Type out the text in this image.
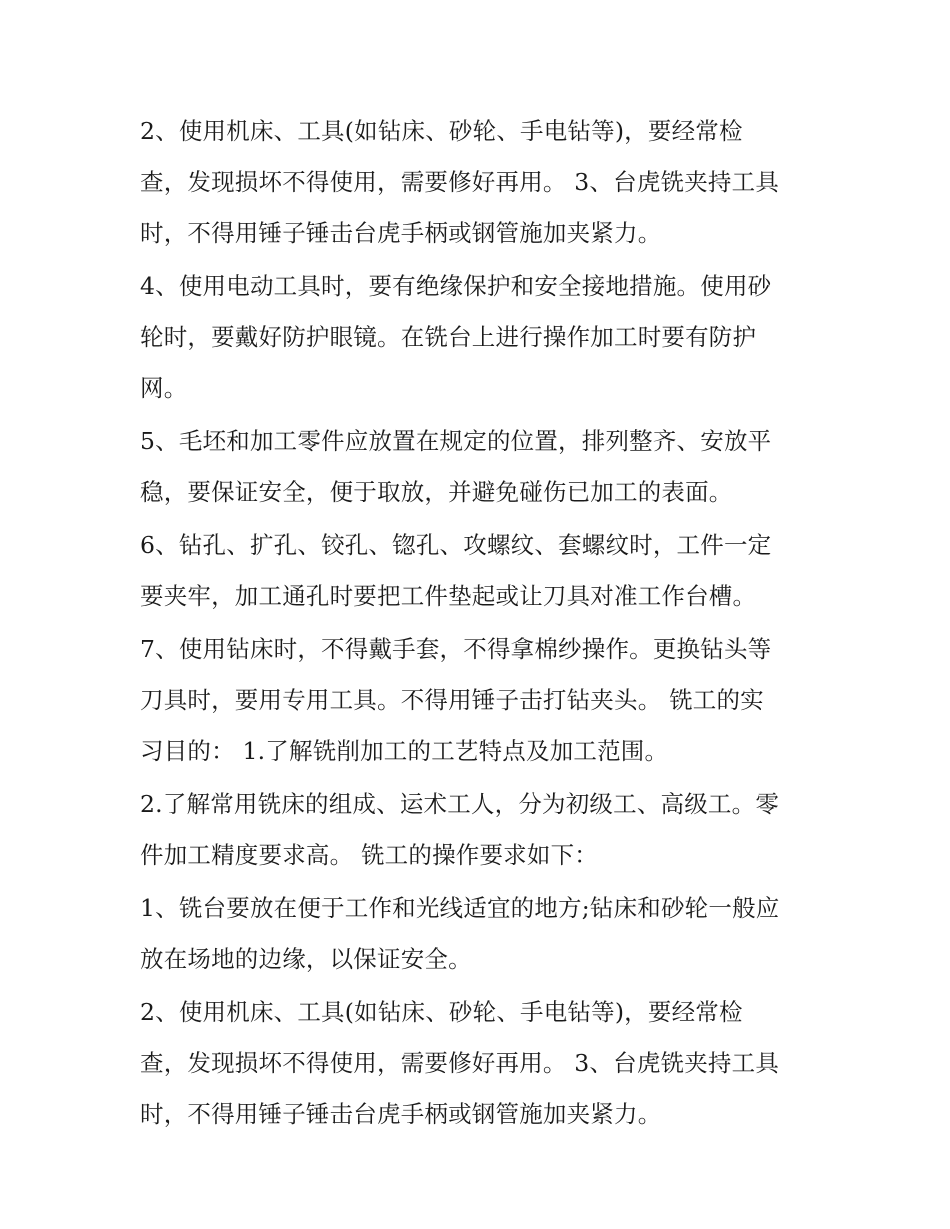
2、使用机床、工具(如钻床、砂轮、手电钻等)，要经常检
查，发现损坏不得使用，需要修好再用。 3、台虎铣夹持工具
时，不得用锤子锤击台虎手柄或钢管施加夹紧力。
4、使用电动工具时，要有绝缘保护和安全接地措施。使用砂
轮时，要戴好防护眼镜。在铣台上进行操作加工时要有防护
网。
5、毛坯和加工零件应放置在规定的位置，排列整齐、安放平
稳，要保证安全，便于取放，并避免碰伤已加工的表面。
6、钻孔、扩孔、铰孔、锪孔、攻螺纹、套螺纹时，工件一定
要夹牢，加工通孔时要把工件垫起或让刀具对准工作台槽。
7、使用钻床时，不得戴手套，不得拿棉纱操作。更换钻头等
刀具时，要用专用工具。不得用锤子击打钻夹头。 铣工的实
习目的： 1.了解铣削加工的工艺特点及加工范围。
2.了解常用铣床的组成、运术工人，分为初级工、高级工。零
件加工精度要求高。 铣工的操作要求如下：
1、铣台要放在便于工作和光线适宜的地方;钻床和砂轮一般应
放在场地的边缘，以保证安全。
2、使用机床、工具(如钻床、砂轮、手电钻等)，要经常检
查，发现损坏不得使用，需要修好再用。 3、台虎铣夹持工具
时，不得用锤子锤击台虎手柄或钢管施加夹紧力。
